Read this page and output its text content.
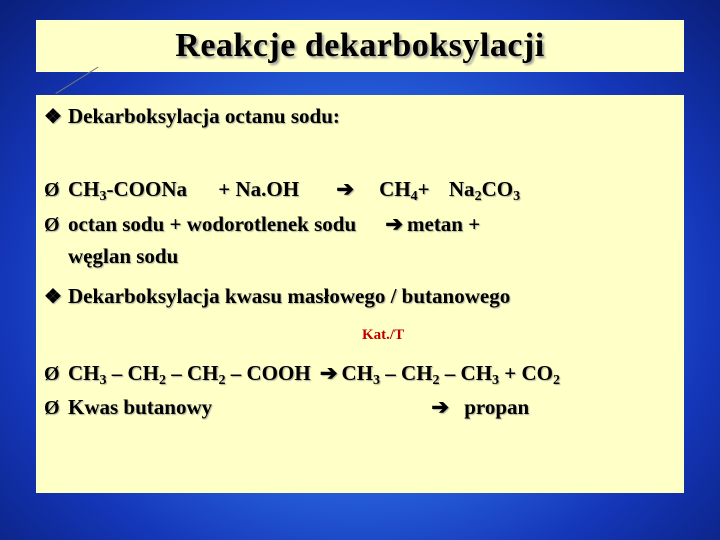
Reakcje dekarboksylacji
❖ Dekarboksylacja octanu sodu:
Ø $CH_3$-COONa + Na.OH ➔ $CH_4+ Na_2CO_3$
Ø octan sodu + wodorotlenek sodu ➔ metan +
węglan sodu
❖ Dekarboksylacja kwasu masłowego / butanowego
Kat./T
Ø $CH_3 - CH_2 - CH_2$ – COOH ➔ $CH_3 - CH_2 - CH_3 + CO_2$
Ø Kwas butanowy	➔ propan
